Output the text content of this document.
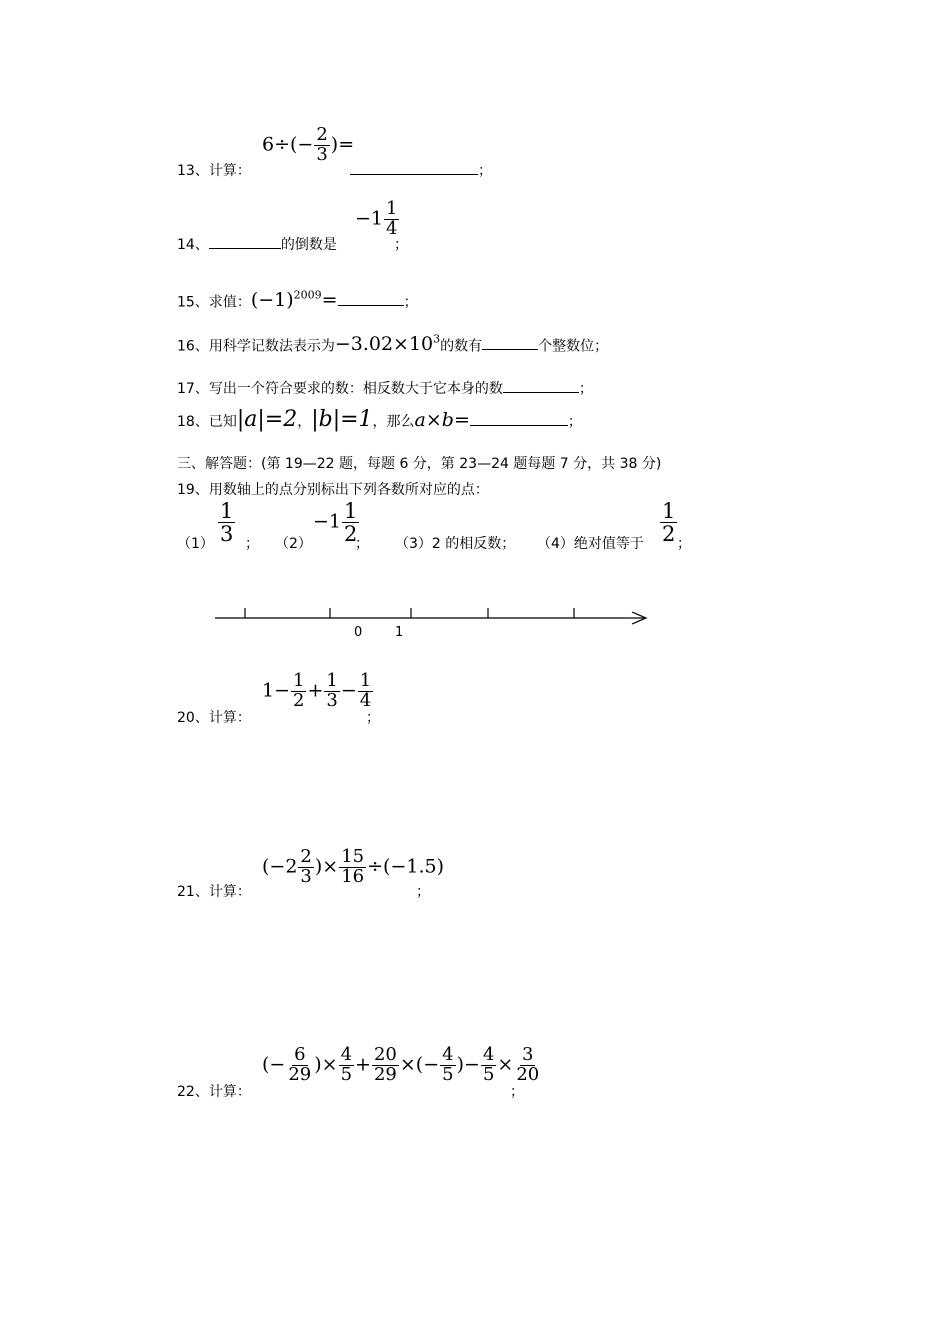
13、计算：
$6\div(- \frac{2}{3}$ )=
；
14、	的倒数是
$-1 \frac{1}{4}$
；
15、求值：$(-1)^{2009}=$	；
16、用科学记数法表示为$-3.02\times 10^3$的数有	个整数位；
17、写出一个符合要求的数：相反数大于它本身的数	；
18、已知|a|=2，|b|=1，那么a×b=	；
三、解答题：(第 19—22 题，每题 6 分，第 23—24 题每题 7 分，共 38 分)
19、用数轴上的点分别标出下列各数所对应的点：
$(1) \frac{1}{3}$ ； （2）
$-1 \frac{1}{2}$
； （3）2 的相反数； （4）绝对值等于 $\frac{1}{2}$
；
0	1
20、计算：
$1- \frac{1}{2} + \frac{1}{3} - \frac{1}{4}$
；
21、计算：
($-2 \frac{2}{3}$ )× $\frac{15}{16} \div(-1.5)$
；
22、计算：
(− $\frac{6}{29}$ )× $\frac{4}{5} + \frac{20}{29}$ ×(− $\frac{4}{5}$ )− $\frac{4}{5} \times \frac{3}{20}$
；
